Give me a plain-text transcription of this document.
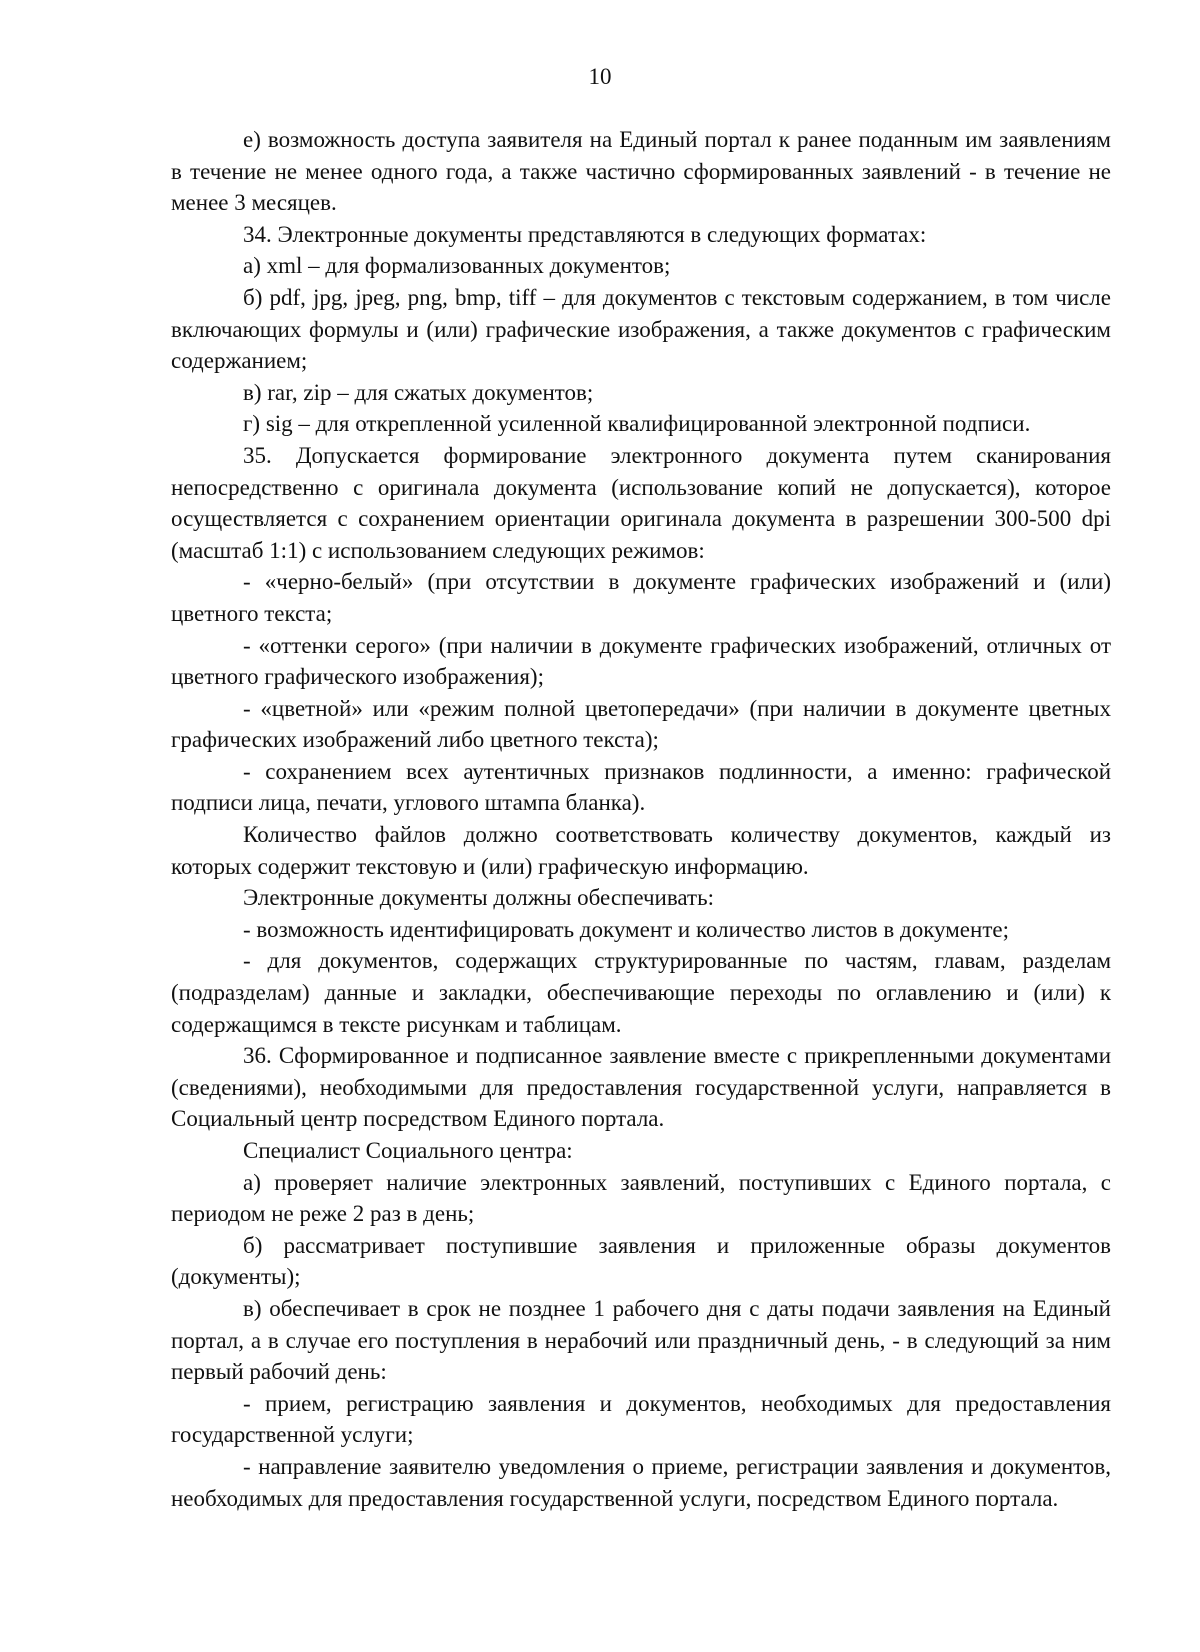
10

е) возможность доступа заявителя на Единый портал к ранее поданным им заявлениям в течение не менее одного года, а также частично сформированных заявлений - в течение не менее 3 месяцев.

34. Электронные документы представляются в следующих форматах:

а) xml – для формализованных документов;

б) pdf, jpg, jpeg, png, bmp, tiff – для документов с текстовым содержанием, в том числе включающих формулы и (или) графические изображения, а также документов с графическим содержанием;

в) rar, zip – для сжатых документов;

г) sig – для открепленной усиленной квалифицированной электронной подписи.

35. Допускается формирование электронного документа путем сканирования непосредственно с оригинала документа (использование копий не допускается), которое осуществляется с сохранением ориентации оригинала документа в разрешении 300-500 dpi (масштаб 1:1) с использованием следующих режимов:

- «черно-белый» (при отсутствии в документе графических изображений и (или) цветного текста;

- «оттенки серого» (при наличии в документе графических изображений, отличных от цветного графического изображения);

- «цветной» или «режим полной цветопередачи» (при наличии в документе цветных графических изображений либо цветного текста);

- сохранением всех аутентичных признаков подлинности, а именно: графической подписи лица, печати, углового штампа бланка).

Количество файлов должно соответствовать количеству документов, каждый из которых содержит текстовую и (или) графическую информацию.

Электронные документы должны обеспечивать:

- возможность идентифицировать документ и количество листов в документе;

- для документов, содержащих структурированные по частям, главам, разделам (подразделам) данные и закладки, обеспечивающие переходы по оглавлению и (или) к содержащимся в тексте рисункам и таблицам.

36. Сформированное и подписанное заявление вместе с прикрепленными документами (сведениями), необходимыми для предоставления государственной услуги, направляется в Социальный центр посредством Единого портала.

Специалист Социального центра:

а) проверяет наличие электронных заявлений, поступивших с Единого портала, с периодом не реже 2 раз в день;

б) рассматривает поступившие заявления и приложенные образы документов (документы);

в) обеспечивает в срок не позднее 1 рабочего дня с даты подачи заявления на Единый портал, а в случае его поступления в нерабочий или праздничный день, - в следующий за ним первый рабочий день:

- прием, регистрацию заявления и документов, необходимых для предоставления государственной услуги;

- направление заявителю уведомления о приеме, регистрации заявления и документов, необходимых для предоставления государственной услуги, посредством Единого портала.
